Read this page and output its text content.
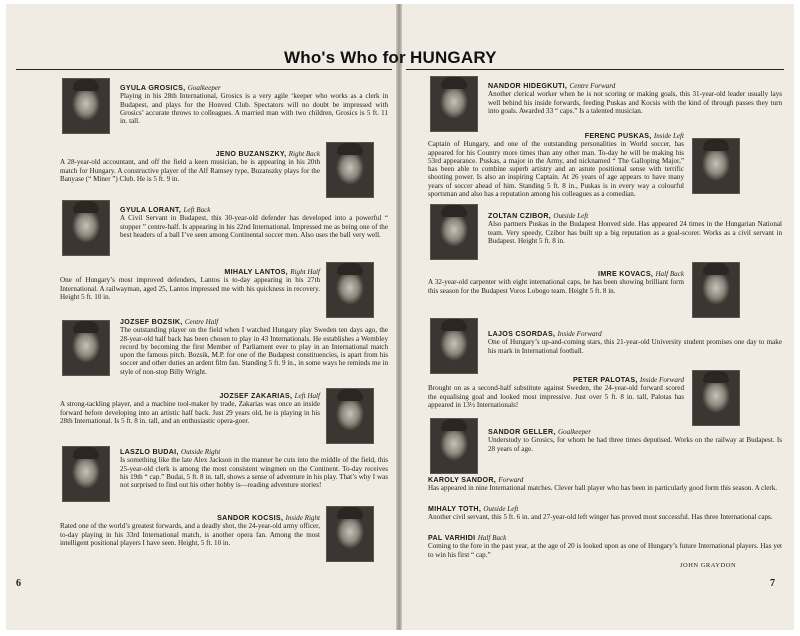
Who's Who for HUNGARY
GYULA GROSICS, Goalkeeper
Playing in his 28th International, Grosics is a very agile ‘keeper who works as a clerk in Budapest, and plays for the Honved Club. Spectators will no doubt be impressed with Grosics’ accurate throws to colleagues. A married man with two children, Grosics is 5 ft. 11 in. tall.
JENO BUZANSZKY, Right Back
A 28-year-old accountant, and off the field a keen musician, he is appearing in his 20th match for Hungary. A constructive player of the Alf Ramsey type, Buzanszky plays for the Banyase (“ Miner ”) Club. He is 5 ft. 9 in.
GYULA LORANT, Left Back
A Civil Servant in Budapest, this 30-year-old defender has developed into a powerful “ stopper ” centre-half. Is appearing in his 22nd International. Impressed me as being one of the best headers of a ball I’ve seen among Continental soccer men. Also uses the ball very well.
MIHALY LANTOS, Right Half
One of Hungary’s most improved defenders, Lantos is to-day appearing in his 27th International. A railwayman, aged 25, Lantos impressed me with his quickness in recovery. Height 5 ft. 10 in.
JOZSEF BOZSIK, Centre Half
The outstanding player on the field when I watched Hungary play Sweden ten days ago, the 28-year-old half back has been chosen to play in 43 Internationals. He establishes a Wembley record by becoming the first Member of Parliament ever to play in an International match upon the famous pitch. Bozsik, M.P. for one of the Budapest constituencies, is apart from his soccer and other duties an ardent film fan. Standing 5 ft. 9 in., in some ways he reminds me in style of non-stop Billy Wright.
JOZSEF ZAKARIAS, Left Half
A strong-tackling player, and a machine tool-maker by trade, Zakarias was once an inside forward before developing into an artistic half back. Just 29 years old, he is playing in his 28th International. Is 5 ft. 8 in. tall, and an enthusiastic opera-goer.
LASZLO BUDAI, Outside Right
Is something like the late Alex Jackson in the manner he cuts into the middle of the field, this 25-year-old clerk is among the most consistent wingmen on the Continent. To-day receives his 19th “ cap.” Budai, 5 ft. 8 in. tall, shows a sense of adventure in his play. That’s why I was not surprised to find out his other hobby is—reading adventure stories!
SANDOR KOCSIS, Inside Right
Rated one of the world’s greatest forwards, and a deadly shot, the 24-year-old army officer, to-day playing in his 33rd International match, is another opera fan. Among the most intelligent positional players I have seen. Height, 5 ft. 10 in.
6
NANDOR HIDEGKUTI, Centre Forward
Another clerical worker when he is not scoring or making goals, this 31-year-old leader usually lays well behind his inside forwards, feeding Puskas and Kocsis with the kind of through passes they turn into goals. Awarded 33 “ caps.” Is a talented musician.
FERENC PUSKAS, Inside Left
Captain of Hungary, and one of the outstanding personalities in World soccer, has appeared for his Country more times than any other man. To-day he will be making his 53rd appearance. Puskas, a major in the Army, and nicknamed “ The Galloping Major,” has been able to combine superb artistry and an astute positional sense with terrific shooting power. Is also an inspiring Captain. At 26 years of age appears to have many years of soccer ahead of him. Standing 5 ft. 8 in., Puskas is in every way a colourful sportsman and also has a reputation among his colleagues as a comedian.
ZOLTAN CZIBOR, Outside Left
Also partners Puskas in the Budapest Honved side. Has appeared 24 times in the Hungarian National team. Very speedy, Czibor has built up a big reputation as a goal-scorer. Works as a civil servant in Budapest. Height 5 ft. 8 in.
IMRE KOVACS, Half Back
A 32-year-old carpenter with eight international caps, he has been showing brilliant form this season for the Budapest Voros Lobogo team. Height 5 ft. 8 in.
LAJOS CSORDAS, Inside Forward
One of Hungary’s up-and-coming stars, this 21-year-old University student promises one day to make his mark in International football.
PETER PALOTAS, Inside Forward
Brought on as a second-half substitute against Sweden, the 24-year-old forward scored the equalising goal and looked most impressive. Just over 5 ft. 8 in. tall, Palotas has appeared in 13½ Internationals!
SANDOR GELLER, Goalkeeper
Understudy to Grosics, for whom he had three times deputised. Works on the railway at Budapest. Is 28 years of age.
KAROLY SANDOR, Forward
Has appeared in nine International matches. Clever ball player who has been in particularly good form this season. A clerk.
MIHALY TOTH, Outside Left
Another civil servant, this 5 ft. 6 in. and 27-year-old left winger has proved most successful. Has three International caps.
PAL VARHIDI Half Back
Coming to the fore in the past year, at the age of 20 is looked upon as one of Hungary’s future International players. Has yet to win his first “ cap.”
JOHN GRAYDON
7
